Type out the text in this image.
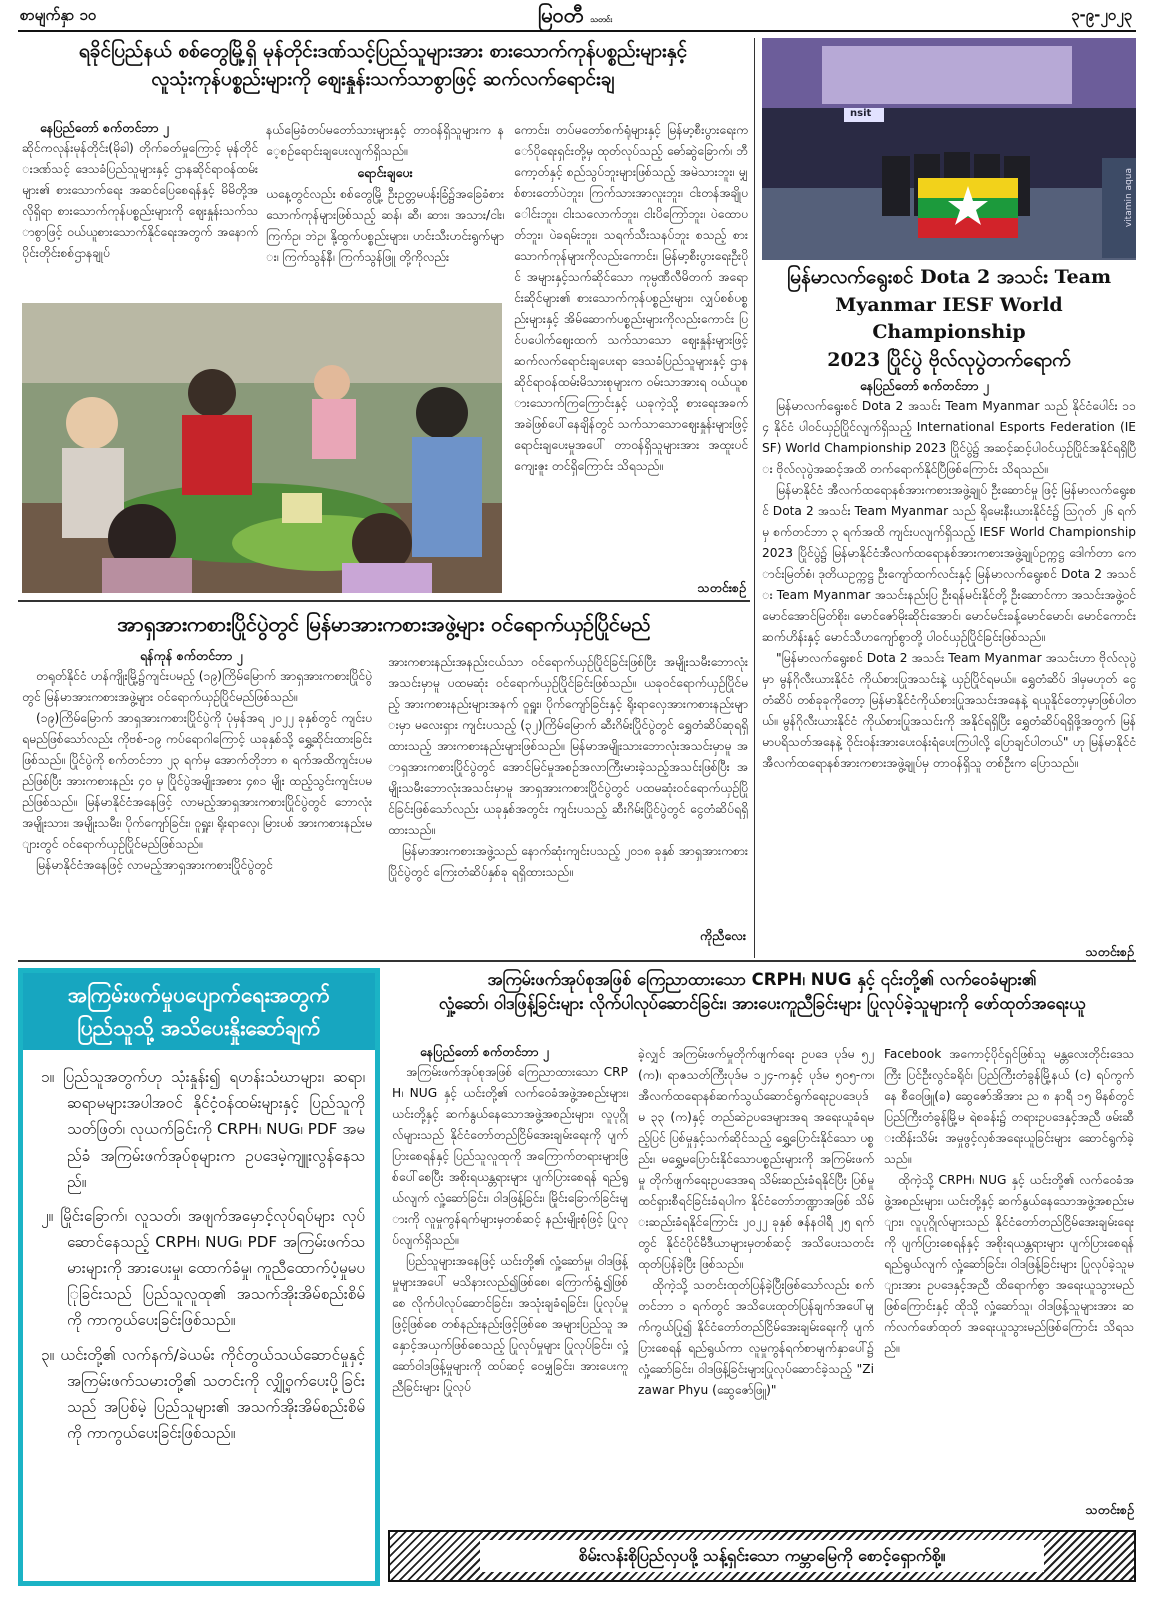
စာမျက်နှာ ၁၀	မြဝတီ သတင်း	၃-၉-၂၀၂၃
ရခိုင်ပြည်နယ် စစ်တွေမြို့ရှိ မုန်တိုင်းဒဏ်သင့်ပြည်သူများအား စားသောက်ကုန်ပစ္စည်းများနှင့်
လူသုံးကုန်ပစ္စည်းများကို ဈေးနှုန်းသက်သာစွာဖြင့် ဆက်လက်ရောင်းချ
နေပြည်တော် စက်တင်ဘာ ၂
ဆိုင်ကလုန်းမုန်တိုင်း(မိုခါ) တိုက်ခတ်မှုကြောင့် မုန်တိုင်းဒဏ်သင့် ဒေသခံပြည်သူများနှင့် ဌာနဆိုင်ရာဝန်ထမ်းများ၏ စားသောက်ရေး အဆင်ပြေစေရန်နှင့် မိမိတို့အလိုရှိရာ စားသောက်ကုန်ပစ္စည်းများကို ဈေးနှုန်းသက်သာစွာဖြင့် ဝယ်ယူစားသောက်နိုင်ရေးအတွက် အနောက်ပိုင်းတိုင်းစစ်ဌာနချုပ်
နယ်မြေခံတပ်မတော်သားများနှင့် တာဝန်ရှိသူများက နေ့စဉ်ရောင်းချပေးလျက်ရှိသည်။
ရောင်းချပေး
ယနေ့တွင်လည်း စစ်တွေမြို့ ဦးဥတ္တမပန်းခြံ၌အခြေခံစားသောက်ကုန်များဖြစ်သည့် ဆန်၊ ဆီ၊ ဆား၊ အသား/ငါး၊ ကြက်ဥ၊ ဘဲဥ၊ နို့ထွက်ပစ္စည်းများ၊ ဟင်းသီးဟင်းရွက်များ၊ ကြက်သွန်နီ၊ ကြက်သွန်ဖြူ တို့ကိုလည်း
ကောင်း၊ တပ်မတော်စက်ရုံများနှင့် မြန်မာ့စီးပွားရေးကော်ပိုရေးရှင်းတို့မှ ထုတ်လုပ်သည့် ဓော်ဆွဲခြောက်၊ ဘီကော့တ်နှင့် စည်သွပ်ဘူးများဖြစ်သည့် အမဲသားဘူး၊ မျှစ်စားတော်ပဲဘူး၊ ကြက်သားအာလူးဘူး၊ ငါးတန်အချိုပေါင်းဘူး၊ ငါးသလောက်ဘူး၊ ငါးပိကြော်ဘူး၊ ပဲထောပတ်ဘူး၊ ပဲခရမ်းဘူး၊ သရက်သီးသနပ်ဘူး စသည့် စားသောက်ကုန်များကိုလည်းကောင်း၊ မြန်မာ့စီးပွားရေးဦးပိုင် အများနှင့်သက်ဆိုင်သော ကုမ္ပဏီလီမိတက် အရောင်းဆိုင်များ၏ စားသောက်ကုန်ပစ္စည်းများ၊ လျှပ်စစ်ပစ္စည်းများနှင့် အိမ်ဆောက်ပစ္စည်းများကိုလည်းကောင်း ပြင်ပပေါက်ဈေးထက် သက်သာသော ဈေးနှုန်းများဖြင့် ဆက်လက်ရောင်းချပေးရာ ဒေသခံပြည်သူများနှင့် ဌာနဆိုင်ရာဝန်ထမ်းမိသားစုများက ဝမ်းသာအားရ ဝယ်ယူစားသောက်ကြကြောင်းနှင့် ယခုကဲ့သို့ စားရေးအခက်အခဲဖြစ်ပေါ်နေချိန်တွင် သက်သာသောဈေးနှုန်းများဖြင့် ရောင်းချပေးမှုအပေါ် တာဝန်ရှိသူများအား အထူးပင်ကျေးဇူး တင်ရှိကြောင်း သိရသည်။
သတင်းစဉ်
nsit
vitamin aqua
မြန်မာလက်ရွေးစင် Dota 2 အသင်း Team
Myanmar IESF World Championship
2023 ပြိုင်ပွဲ ဗိုလ်လုပွဲတက်ရောက်
နေပြည်တော် စက်တင်ဘာ ၂
မြန်မာလက်ရွေးစင် Dota 2 အသင်း Team Myanmar သည် နိုင်ငံပေါင်း ၁၁၄ နိုင်ငံ ပါဝင်ယှဉ်ပြိုင်လျက်ရှိသည့် International Esports Federation (IESF) World Championship 2023 ပြိုင်ပွဲ၌ အဆင့်ဆင့်ပါဝင်ယှဉ်ပြိုင်အနိုင်ရရှိပြီး ဗိုလ်လုပွဲအဆင့်အထိ တက်ရောက်နိုင်ပြီဖြစ်ကြောင်း သိရသည်။
မြန်မာနိုင်ငံ အီလက်ထရောနစ်အားကစားအဖွဲ့ချုပ် ဦးဆောင်မှု ဖြင့် မြန်မာလက်ရွေးစင် Dota 2 အသင်း Team Myanmar သည် ရိုမေးနီးယားနိုင်ငံ၌ ဩဂုတ် ၂၆ ရက်မှ စက်တင်ဘာ ၃ ရက်အထိ ကျင်းပလျက်ရှိသည့် IESF World Championship 2023 ပြိုင်ပွဲ၌ မြန်မာနိုင်ငံအီလက်ထရောနစ်အားကစားအဖွဲ့ချုပ်ဥက္ကဋ္ဌ ဒေါက်တာ ကောင်းမြတ်စံ၊ ဒုတိယဥက္ကဋ္ဌ ဦးကျော်ထက်လင်းနှင့် မြန်မာလက်ရွေးစင် Dota 2 အသင်း Team Myanmar အသင်းနည်းပြ ဦးရန်မင်းနိုင်တို့ ဦးဆောင်ကာ အသင်းအဖွဲ့ဝင် မောင်အောင်မြတ်စိုး၊ မောင်ဇော်မိုးဆိုင်းအောင်၊ မောင်မင်းခန့်မောင်မောင်၊ မောင်ကောင်းဆက်ဟိန်းနှင့် မောင်သီဟကျော်စွာတို့ ပါဝင်ယှဉ်ပြိုင်ခြင်းဖြစ်သည်။
"မြန်မာလက်ရွေးစင် Dota 2 အသင်း Team Myanmar အသင်းဟာ ဗိုလ်လုပွဲမှာ မွန်ဂိုလီးယားနိုင်ငံ ကိုယ်စားပြုအသင်းနဲ့ ယှဉ်ပြိုင်ရမယ်။ ရွှေတံဆိပ် ဒါမှမဟုတ် ငွေတံဆိပ် တစ်ခုခုကိုတော့ မြန်မာနိုင်ငံကိုယ်စားပြုအသင်းအနေနဲ့ ရယူနိုင်တော့မှာဖြစ်ပါတယ်။ မွန်ဂိုလီးယားနိုင်ငံ ကိုယ်စားပြုအသင်းကို အနိုင်ရရှိပြီး ရွှေတံဆိပ်ရရှိဖို့အတွက် မြန်မာပရိသတ်အနေနဲ့ ဝိုင်းဝန်းအားပေးဝန်းရံပေးကြပါလို့ ပြောချင်ပါတယ်" ဟု မြန်မာနိုင်ငံအီလက်ထရောနစ်အားကစားအဖွဲ့ချုပ်မှ တာဝန်ရှိသူ တစ်ဦးက ပြောသည်။
သတင်းစဉ်
အာရှအားကစားပြိုင်ပွဲတွင် မြန်မာအားကစားအဖွဲ့များ ဝင်ရောက်ယှဉ်ပြိုင်မည်
ရန်ကုန် စက်တင်ဘာ ၂
တရုတ်နိုင်ငံ ဟန်ကျိုးမြို့၌ကျင်းပမည့် (၁၉)ကြိမ်မြောက် အာရှအားကစားပြိုင်ပွဲတွင် မြန်မာအားကစားအဖွဲ့များ ဝင်ရောက်ယှဉ်ပြိုင်မည်ဖြစ်သည်။
(၁၉)ကြိမ်မြောက် အာရှအားကစားပြိုင်ပွဲကို ပုံမှန်အရ ၂၀၂၂ ခုနှစ်တွင် ကျင်းပရမည်ဖြစ်သော်လည်း ကိုဗစ်-၁၉ ကပ်ရောဂါကြောင့် ယခုနှစ်သို့ ရွှေ့ဆိုင်းထားခြင်းဖြစ်သည်။ ပြိုင်ပွဲကို စက်တင်ဘာ ၂၃ ရက်မှ အောက်တိုဘာ ၈ ရက်အထိကျင်းပမည်ဖြစ်ပြီး အားကစားနည်း ၄၀ မှ ပြိုင်ပွဲအမျိုးအစား ၄၈၁ မျိုး ထည့်သွင်းကျင်းပမည်ဖြစ်သည်။ မြန်မာနိုင်ငံအနေဖြင့် လာမည့်အာရှအားကစားပြိုင်ပွဲတွင် ဘောလုံး အမျိုးသား၊ အမျိုးသမီး၊ ပိုက်ကျော်ခြင်း၊ ဝူရှူး၊ ရိုးရာလှေ၊ မြားပစ် အားကစားနည်းများတွင် ဝင်ရောက်ယှဉ်ပြိုင်မည်ဖြစ်သည်။
မြန်မာနိုင်ငံအနေဖြင့် လာမည့်အာရှအားကစားပြိုင်ပွဲတွင်
အားကစားနည်းအနည်းငယ်သာ ဝင်ရောက်ယှဉ်ပြိုင်ခြင်းဖြစ်ပြီး အမျိုးသမီးဘောလုံးအသင်းမှာမူ ပထမဆုံး ဝင်ရောက်ယှဉ်ပြိုင်ခြင်းဖြစ်သည်။ ယခုဝင်ရောက်ယှဉ်ပြိုင်မည့် အားကစားနည်းများအနက် ဝူရှူး၊ ပိုက်ကျော်ခြင်းနှင့် ရိုးရာလှေအားကစားနည်းများမှာ မလေးရှား ကျင်းပသည့် (၃၂)ကြိမ်မြောက် ဆီးဂိမ်းပြိုင်ပွဲတွင် ရွှေတံဆိပ်ဆုရရှိထားသည့် အားကစားနည်းများဖြစ်သည်။ မြန်မာအမျိုးသားဘောလုံးအသင်းမှာမူ အာရှအားကစားပြိုင်ပွဲတွင် အောင်မြင်မှုအစဉ်အလာကြီးမားခဲ့သည့်အသင်းဖြစ်ပြီး အမျိုးသမီးဘောလုံးအသင်းမှာမူ အာရှအားကစားပြိုင်ပွဲတွင် ပထမဆုံးဝင်ရောက်ယှဉ်ပြိုင်ခြင်းဖြစ်သော်လည်း ယခုနှစ်အတွင်း ကျင်းပသည့် ဆီးဂိမ်းပြိုင်ပွဲတွင် ငွေတံဆိပ်ရရှိထားသည်။
မြန်မာအားကစားအဖွဲ့သည် နောက်ဆုံးကျင်းပသည့် ၂၀၁၈ ခုနှစ် အာရှအားကစားပြိုင်ပွဲတွင် ကြေးတံဆိပ်နှစ်ခု ရရှိထားသည်။
ကိုညီလေး
အကြမ်းဖက်မှုပပျောက်ရေးအတွက်
ပြည်သူသို့ အသိပေးနှိုးဆော်ချက်
၁။ ပြည်သူအတွက်ဟု သုံးနှုန်း၍ ရဟန်းသံဃာများ၊ ဆရာ၊ ဆရာမများအပါအဝင် နိုင်ငံ့ဝန်ထမ်းများနှင့် ပြည်သူကိုသတ်ဖြတ်၊ လုယက်ခြင်းကို CRPH၊ NUG၊ PDF အမည်ခံ အကြမ်းဖက်အုပ်စုများက ဥပဒေမဲ့ကျူးလွန်နေသည်။
၂။ မြိုင်းခြောက်၊ လူသတ်၊ အဖျက်အမှောင့်လုပ်ရပ်များ လုပ်ဆောင်နေသည့် CRPH၊ NUG၊ PDF အကြမ်းဖက်သမားများကို အားပေးမှု၊ ထောက်ခံမှု၊ ကူညီထောက်ပံ့မှုမပြုခြင်းသည် ပြည်သူလူထု၏ အသက်အိုးအိမ်စည်းစိမ်ကို ကာကွယ်ပေးခြင်းဖြစ်သည်။
၃။ ယင်းတို့၏ လက်နက်/ခဲယမ်း ကိုင်တွယ်သယ်ဆောင်မှုနှင့် အကြမ်းဖက်သမားတို့၏ သတင်းကို လျှို့ဝှက်ပေးပို့ခြင်းသည် အပြစ်မဲ့ ပြည်သူများ၏ အသက်အိုးအိမ်စည်းစိမ်ကို ကာကွယ်ပေးခြင်းဖြစ်သည်။
အကြမ်းဖက်အုပ်စုအဖြစ် ကြေညာထားသော CRPH၊ NUG နှင့် ၎င်းတို့၏ လက်ဝေခံများ၏
လှုံ့ဆော်၊ ဝါဒဖြန့်ခြင်းများ လိုက်ပါလုပ်ဆောင်ခြင်း၊ အားပေးကူညီခြင်းများ ပြုလုပ်ခဲ့သူများကို ဖော်ထုတ်အရေးယူ
နေပြည်တော် စက်တင်ဘာ ၂
အကြမ်းဖက်အုပ်စုအဖြစ် ကြေညာထားသော CRPH၊ NUG နှင့် ယင်းတို့၏ လက်ဝေခံအဖွဲ့အစည်းများ၊ ယင်းတို့နှင့် ဆက်နွယ်နေသောအဖွဲ့အစည်းများ၊ လူပုဂ္ဂိုလ်များသည် နိုင်ငံတော်တည်ငြိမ်အေးချမ်းရေးကို ပျက်ပြားစေရန်နှင့် ပြည်သူလူထုကို အကြောက်တရားများဖြစ်ပေါ်စေပြီး အစိုးရယန္တရားများ ပျက်ပြားစေရန် ရည်ရွယ်လျက် လှုံ့ဆော်ခြင်း၊ ဝါဒဖြန့်ခြင်း၊ မြိုင်းခြောက်ခြင်းများကို လူမှုကွန်ရက်များမှတစ်ဆင့် နည်းမျိုးစုံဖြင့် ပြုလုပ်လျက်ရှိသည်။
ပြည်သူများအနေဖြင့် ယင်းတို့၏ လှုံ့ဆော်မှု၊ ဝါဒဖြန့်မှုများအပေါ် မသိနားလည်၍ဖြစ်စေ၊ ကြောက်ရွံ့၍ဖြစ်စေ လိုက်ပါလုပ်ဆောင်ခြင်း၊ အသုံးချခံရခြင်း၊ ပြုလုပ်မှုဖြင့်ဖြစ်စေ တစ်နည်းနည်းဖြင့်ဖြစ်စေ အများပြည်သူ အနှောင့်အယှက်ဖြစ်စေသည့် ပြုလုပ်မှုများ ပြုလုပ်ခြင်း၊ လှုံ့ဆော်ဝါဒဖြန့်မှုများကို ထပ်ဆင့် ဝေမျှခြင်း၊ အားပေးကူညီခြင်းများ ပြုလုပ်
ခဲ့လျှင် အကြမ်းဖက်မှုတိုက်ဖျက်ရေး ဥပဒေ ပုဒ်မ ၅၂(က)၊ ရာဇသတ်ကြီးပုဒ်မ ၁၂၄-ကနှင့် ပုဒ်မ ၅၀၅-က၊ အီလက်ထရောနစ်ဆက်သွယ်ဆောင်ရွက်ရေးဥပဒေပုဒ်မ ၃၃ (က)နှင့် တည်ဆဲဥပဒေများအရ အရေးယူခံရမည့်ပြင် ပြစ်မှုနှင့်သက်ဆိုင်သည့် ရွှေ့ပြောင်းနိုင်သော ပစ္စည်း၊ မရွှေ့မပြောင်းနိုင်သောပစ္စည်းများကို အကြမ်းဖက်မှု တိုက်ဖျက်ရေးဥပဒေအရ သိမ်းဆည်းခံရနိုင်ပြီး ပြစ်မှုထင်ရှားစီရင်ခြင်းခံရပါက နိုင်ငံတော်ဘဏ္ဍာအဖြစ် သိမ်းဆည်းခံရနိုင်ကြောင်း ၂၀၂၂ ခုနှစ် ဇန်နဝါရီ ၂၅ ရက်တွင် နိုင်ငံပိုင်မီဒီယာများမှတစ်ဆင့် အသိပေးသတင်းထုတ်ပြန်ခဲ့ပြီး ဖြစ်သည်။
ထိုကဲ့သို့ သတင်းထုတ်ပြန်ခဲ့ပြီးဖြစ်သော်လည်း စက်တင်ဘာ ၁ ရက်တွင် အသိပေးထုတ်ပြန်ချက်အပေါ်မျက်ကွယ်ပြု၍ နိုင်ငံတော်တည်ငြိမ်အေးချမ်းရေးကို ပျက်ပြားစေရန် ရည်ရွယ်ကာ လူမှုကွန်ရက်စာမျက်နှာပေါ်၌ လှုံ့ဆော်ခြင်း၊ ဝါဒဖြန့်ခြင်းများပြုလုပ်ဆောင်ခဲ့သည့် "Zizawar Phyu (ဆွေဇော်ဖြူ)"
Facebook အကောင့်ပိုင်ရှင်ဖြစ်သူ မန္တလေးတိုင်းဒေသကြီး ပြင်ဦးလွင်ခရိုင်၊ ပြည်ကြီးတံခွန်မြို့နယ် (င) ရပ်ကွက်နေ စီဝေဖြူ(ခ) ဆွေဇော်အိအား ည ၈ နာရီ ၁၅ မိနစ်တွင် ပြည်ကြီးတံခွန်မြို့မ ရဲစခန်း၌ တရားဥပဒေနှင့်အညီ ဖမ်းဆီးထိန်းသိမ်း အမှုဖွင့်လှစ်အရေးယူခြင်းများ ဆောင်ရွက်ခဲ့သည်။
ထိုကဲ့သို့ CRPH၊ NUG နှင့် ယင်းတို့၏ လက်ဝေခံအဖွဲ့အစည်းများ၊ ယင်းတို့နှင့် ဆက်နွယ်နေသောအဖွဲ့အစည်းများ၊ လူပုဂ္ဂိုလ်များသည် နိုင်ငံတော်တည်ငြိမ်အေးချမ်းရေးကို ပျက်ပြားစေရန်နှင့် အစိုးရယန္တရားများ ပျက်ပြားစေရန် ရည်ရွယ်လျက် လှုံ့ဆော်ခြင်း၊ ဝါဒဖြန့်ခြင်းများ ပြုလုပ်ခဲ့သူများအား ဥပဒေနှင့်အညီ ထိရောက်စွာ အရေးယူသွားမည်ဖြစ်ကြောင်းနှင့် ထိုသို့ လှုံ့ဆော်သူ၊ ဝါဒဖြန့်သူများအား ဆက်လက်ဖော်ထုတ် အရေးယူသွားမည်ဖြစ်ကြောင်း သိရသည်။
သတင်းစဉ်
စိမ်းလန်းစိုပြည်လှပဖို့ သန့်ရှင်းသော ကမ္ဘာမြေကို စောင့်ရှောက်စို့။
